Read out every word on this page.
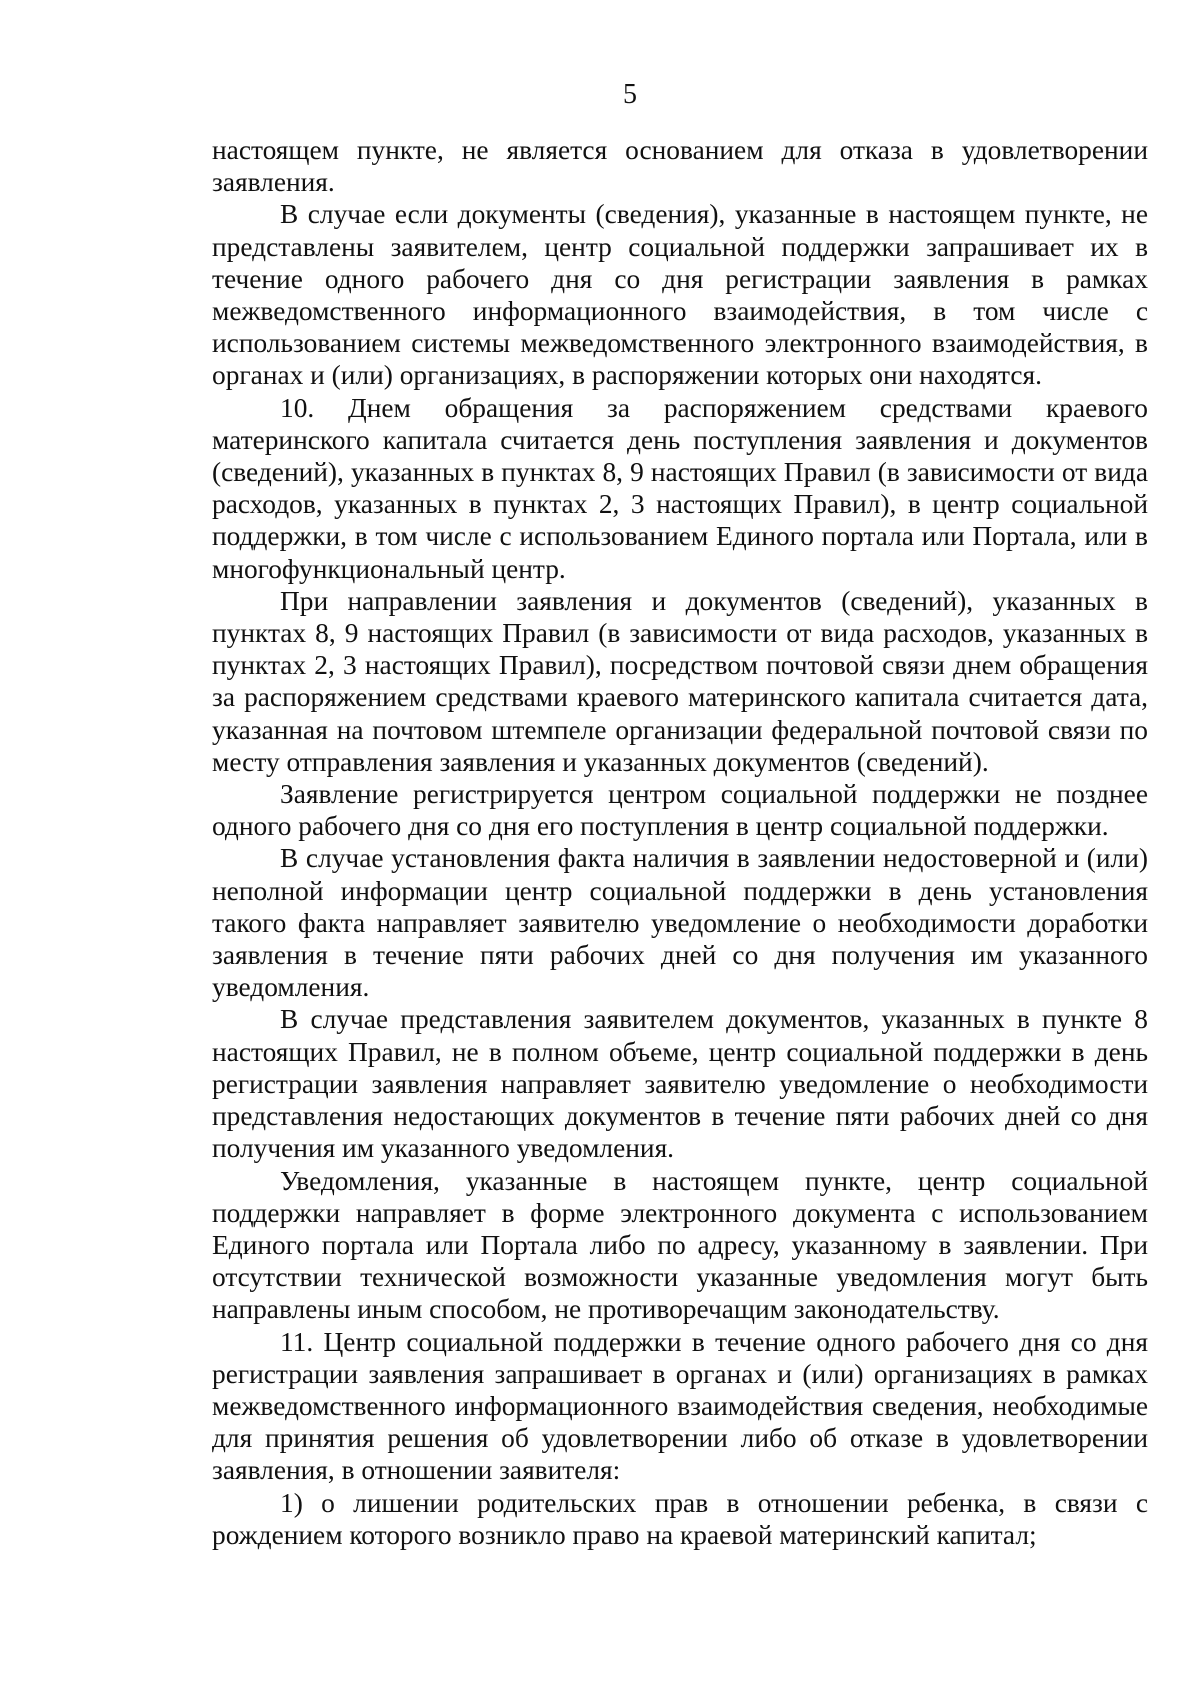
5

настоящем пункте, не является основанием для отказа в удовлетворении заявления.

В случае если документы (сведения), указанные в настоящем пункте, не представлены заявителем, центр социальной поддержки запрашивает их в течение одного рабочего дня со дня регистрации заявления в рамках межведомственного информационного взаимодействия, в том числе с использованием системы межведомственного электронного взаимодействия, в органах и (или) организациях, в распоряжении которых они находятся.

10. Днем обращения за распоряжением средствами краевого материнского капитала считается день поступления заявления и документов (сведений), указанных в пунктах 8, 9 настоящих Правил (в зависимости от вида расходов, указанных в пунктах 2, 3 настоящих Правил), в центр социальной поддержки, в том числе с использованием Единого портала или Портала, или в многофункциональный центр.

При направлении заявления и документов (сведений), указанных в пунктах 8, 9 настоящих Правил (в зависимости от вида расходов, указанных в пунктах 2, 3 настоящих Правил), посредством почтовой связи днем обращения за распоряжением средствами краевого материнского капитала считается дата, указанная на почтовом штемпеле организации федеральной почтовой связи по месту отправления заявления и указанных документов (сведений).

Заявление регистрируется центром социальной поддержки не позднее одного рабочего дня со дня его поступления в центр социальной поддержки.

В случае установления факта наличия в заявлении недостоверной и (или) неполной информации центр социальной поддержки в день установления такого факта направляет заявителю уведомление о необходимости доработки заявления в течение пяти рабочих дней со дня получения им указанного уведомления.

В случае представления заявителем документов, указанных в пункте 8 настоящих Правил, не в полном объеме, центр социальной поддержки в день регистрации заявления направляет заявителю уведомление о необходимости представления недостающих документов в течение пяти рабочих дней со дня получения им указанного уведомления.

Уведомления, указанные в настоящем пункте, центр социальной поддержки направляет в форме электронного документа с использованием Единого портала или Портала либо по адресу, указанному в заявлении. При отсутствии технической возможности указанные уведомления могут быть направлены иным способом, не противоречащим законодательству.

11. Центр социальной поддержки в течение одного рабочего дня со дня регистрации заявления запрашивает в органах и (или) организациях в рамках межведомственного информационного взаимодействия сведения, необходимые для принятия решения об удовлетворении либо об отказе в удовлетворении заявления, в отношении заявителя:

1) о лишении родительских прав в отношении ребенка, в связи с рождением которого возникло право на краевой материнский капитал;
